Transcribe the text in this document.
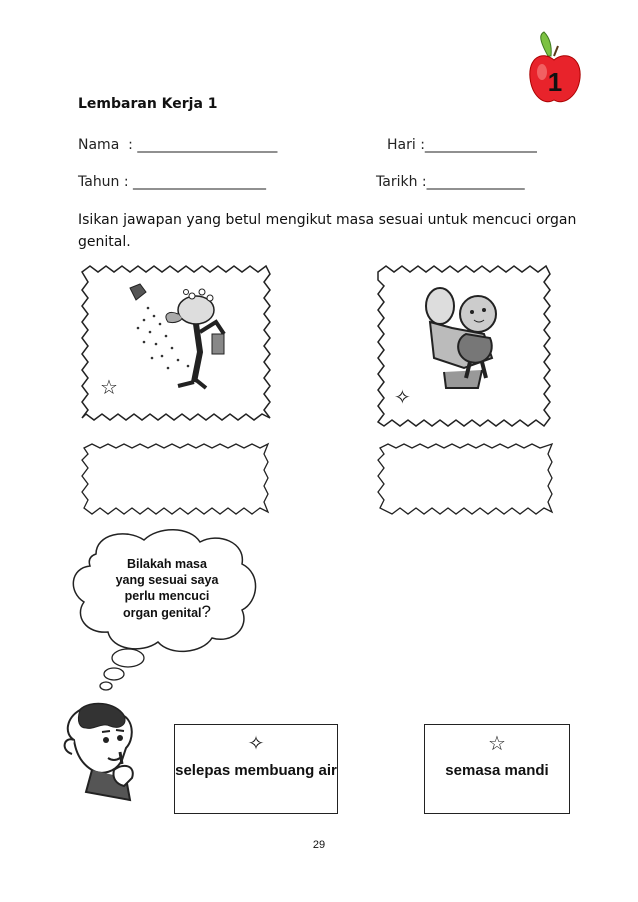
1
Lembaran Kerja 1
Nama  : ____________________	Hari :________________
Tahun : ___________________	Tarikh :______________
Isikan jawapan yang betul mengikut masa sesuai untuk mencuci organ genital.
☆	✧
Bilakah masa
yang sesuai saya
perlu mencuci
organ genital?
✧
selepas membuang air
☆
semasa mandi
29
